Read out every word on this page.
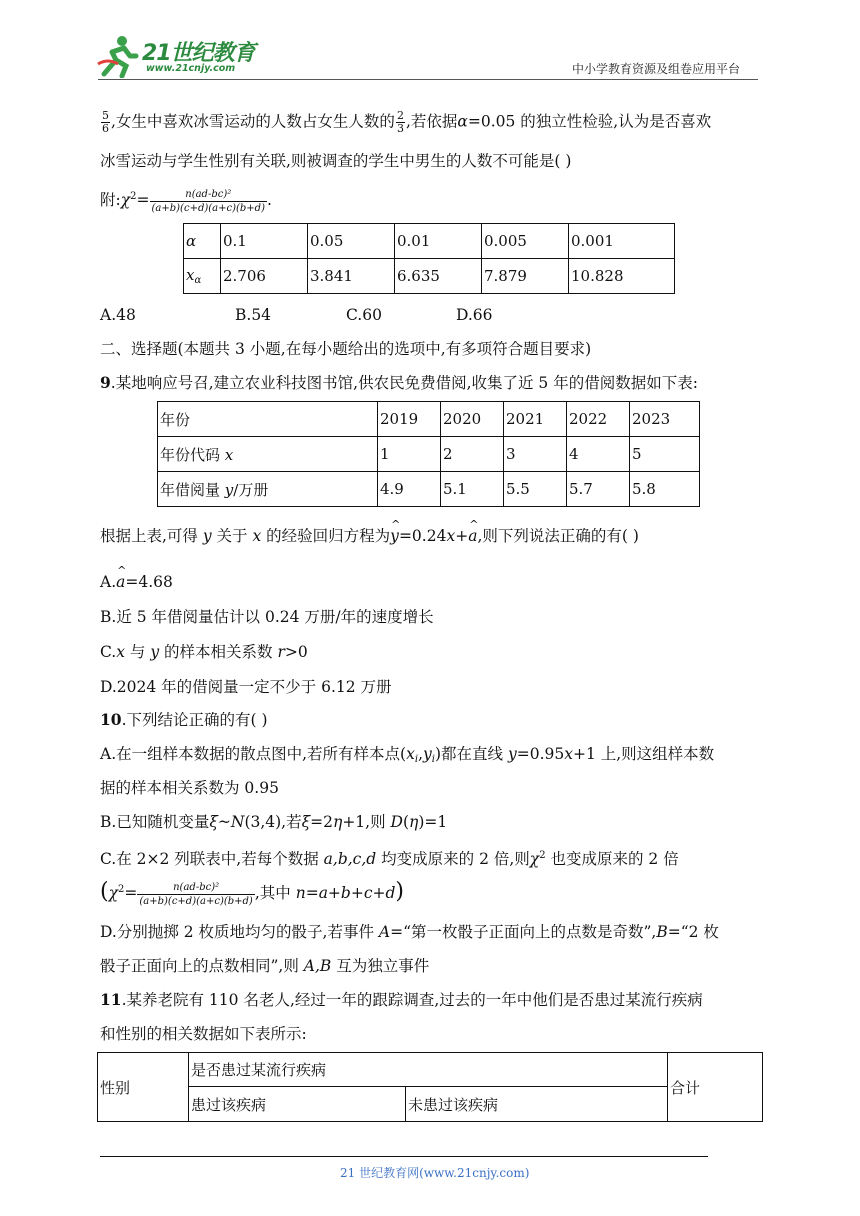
21世纪教育
www.21cnjy.com	中小学教育资源及组卷应用平台
$\frac{5}{6}$ ,女生中喜欢冰雪运动的人数占女生人数的 $\frac{2}{3}$ ,若依据α=0.05 的独立性检验,认为是否喜欢
冰雪运动与学生性别有关联,则被调查的学生中男生的人数不可能是( )
附$:\chi^2= \frac{\text{n(ad-bc)²}}{(a+b)(c+d)(a+c)(b+d)}$ .
α	0.1	0.05	0.01	0.005	0.001
$x_\alpha$	2.706	3.841	6.635	7.879	10.828
A.48	B.54	C.60	D.66
二、选择题(本题共 3 小题,在每小题给出的选项中,有多项符合题目要求)
9.某地响应号召,建立农业科技图书馆,供农民免费借阅,收集了近 5 年的借阅数据如下表:
年份	2019	2020	2021	2022	2023
年份代码 x	1	2	3	4	5
年借阅量 y/万册	4.9	5.1	5.5	5.7	5.8
根据上表,可得 y 关于 x 的经验回归方程为^ y=0.24x+^ a,则下列说法正确的有( )
A.^ a=4.68
B.近 5 年借阅量估计以 0.24 万册/年的速度增长
C.x 与 y 的样本相关系数 r>0
D.2024 年的借阅量一定不少于 6.12 万册
10.下列结论正确的有( )
A.在一组样本数据的散点图中,若所有样本点$(x_i,y_i)$都在直线 y=0.95x+1 上,则这组样本数
据的样本相关系数为 0.95
B.已知随机变量ξ~N(3,4),若ξ=2η+1,则 D(η)=1
C.在 2×2 列联表中,若每个数据 a,b,c,d 均变成原来的 2 倍,则$\chi^2$ 也变成原来的 2 倍
($\chi^2= \frac{\text{n(ad-bc)²}}{(a+b)(c+d)(a+c)(b+d)}$ ,其中 n=a+b+c+d)
D.分别抛掷 2 枚质地均匀的骰子,若事件 A=“第一枚骰子正面向上的点数是奇数”,B=“2 枚
骰子正面向上的点数相同”,则 A,B 互为独立事件
11.某养老院有 110 名老人,经过一年的跟踪调查,过去的一年中他们是否患过某流行疾病
和性别的相关数据如下表所示:
性别	是否患过某流行疾病		合计
	患过该疾病	未患过该疾病	
21 世纪教育网(www.21cnjy.com)
